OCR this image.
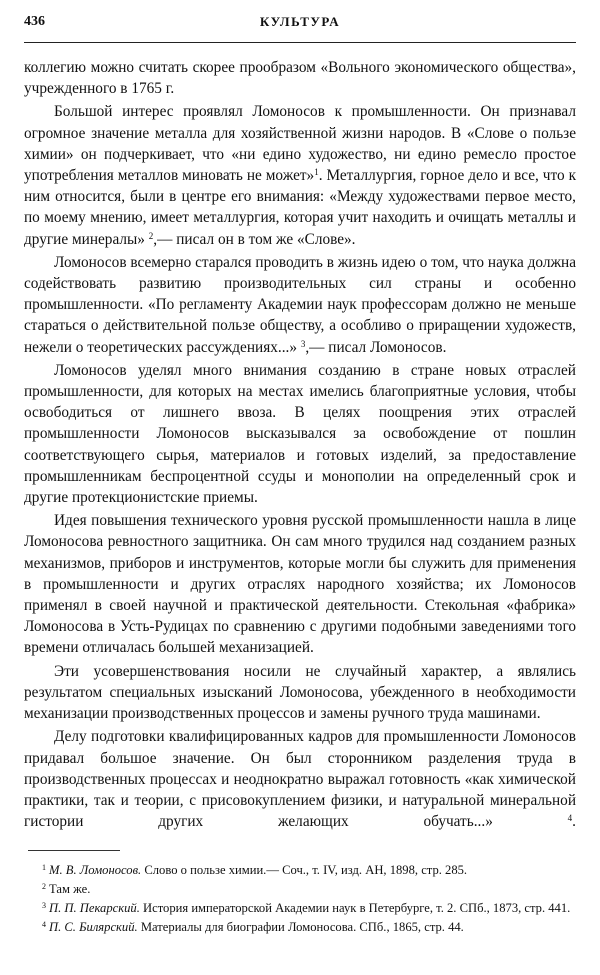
436	КУЛЬТУРА

коллегию можно считать скорее прообразом «Вольного экономического общества», учрежденного в 1765 г.

Большой интерес проявлял Ломоносов к промышленности. Он признавал огромное значение металла для хозяйственной жизни народов. В «Слове о пользе химии» он подчеркивает, что «ни едино художество, ни едино ремесло простое употребления металлов миновать не может»$^1$. Металлургия, горное дело и все, что к ним относится, были в центре его внимания: «Между художествами первое место, по моему мнению, имеет металлургия, которая учит находить и очищать металлы и другие минералы» $^2$,— писал он в том же «Слове».

Ломоносов всемерно старался проводить в жизнь идею о том, что наука должна содействовать развитию производительных сил страны и особенно промышленности. «По регламенту Академии наук профессорам должно не меньше стараться о действительной пользе обществу, а особливо о приращении художеств, нежели о теоретических рассуждениях...» $^3$,— писал Ломоносов.

Ломоносов уделял много внимания созданию в стране новых отраслей промышленности, для которых на местах имелись благоприятные условия, чтобы освободиться от лишнего ввоза. В целях поощрения этих отраслей промышленности Ломоносов высказывался за освобождение от пошлин соответствующего сырья, материалов и готовых изделий, за предоставление промышленникам беспроцентной ссуды и монополии на определенный срок и другие протекционистские приемы.

Идея повышения технического уровня русской промышленности нашла в лице Ломоносова ревностного защитника. Он сам много трудился над созданием разных механизмов, приборов и инструментов, которые могли бы служить для применения в промышленности и других отраслях народного хозяйства; их Ломоносов применял в своей научной и практической деятельности. Стекольная «фабрика» Ломоносова в Усть-Рудицах по сравнению с другими подобными заведениями того времени отличалась большей механизацией.

Эти усовершенствования носили не случайный характер, а являлись результатом специальных изысканий Ломоносова, убежденного в необходимости механизации производственных процессов и замены ручного труда машинами.

Делу подготовки квалифицированных кадров для промышленности Ломоносов придавал большое значение. Он был сторонником разделения труда в производственных процессах и неоднократно выражал готовность «как химической практики, так и теории, с присовокуплением физики, и натуральной минеральной гистории других желающих обучать...» $^4$.

$^1$ М. В. Ломоносов. Слово о пользе химии.— Соч., т. IV, изд. АН, 1898, стр. 285.

$^2$ Там же.

$^3$ П. П. Пекарский. История императорской Академии наук в Петербурге, т. 2. СПб., 1873, стр. 441.

$^4$ П. С. Билярский. Материалы для биографии Ломоносова. СПб., 1865, стр. 44.
